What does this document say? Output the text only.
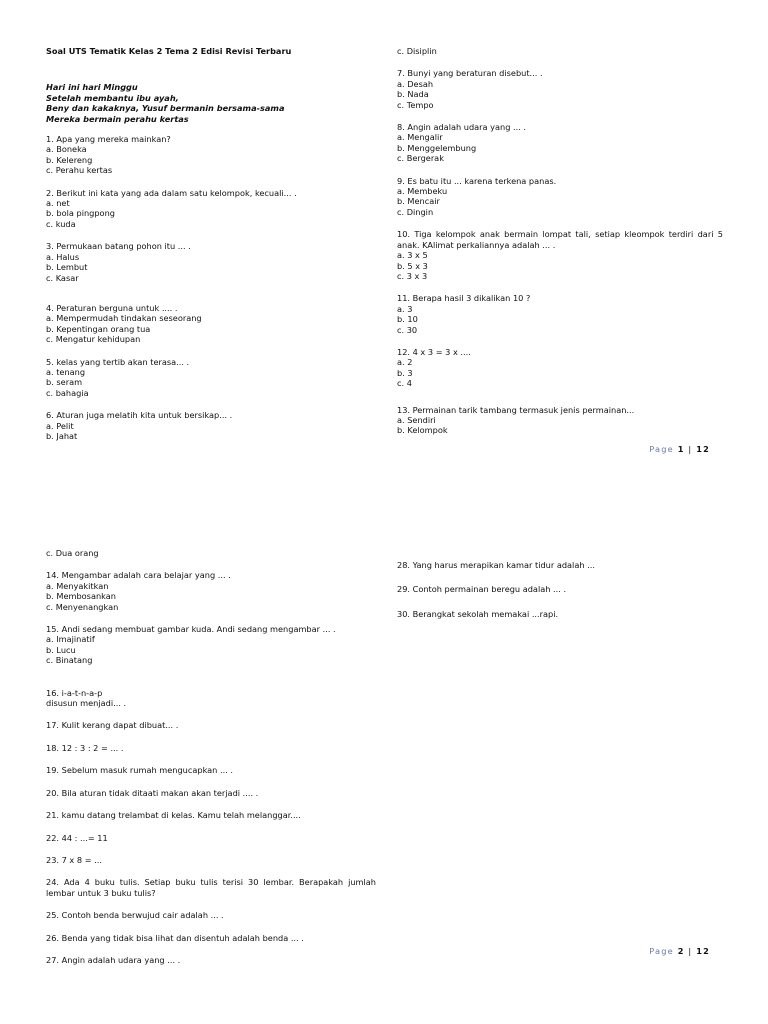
Soal UTS Tematik Kelas 2 Tema 2 Edisi Revisi Terbaru
Hari ini hari Minggu
Setelah membantu ibu ayah,
Beny dan kakaknya, Yusuf bermanin bersama-sama
Mereka bermain perahu kertas
1. Apa yang mereka mainkan?
a. Boneka
b. Kelereng
c. Perahu kertas
2. Berikut ini kata yang ada dalam satu kelompok, kecuali... .
a. net
b. bola pingpong
c. kuda
3. Permukaan batang pohon itu ... .
a. Halus
b. Lembut
c. Kasar
4. Peraturan berguna untuk .... .
a. Mempermudah tindakan seseorang
b. Kepentingan orang tua
c. Mengatur kehidupan
5. kelas yang tertib akan terasa... .
a. tenang
b. seram
c. bahagia
6. Aturan juga melatih kita untuk bersikap... .
a. Pelit
b. Jahat
c. Disiplin
7. Bunyi yang beraturan disebut... .
a. Desah
b. Nada
c. Tempo
8. Angin adalah udara yang ... .
a. Mengalir
b. Menggelembung
c. Bergerak
9. Es batu itu ... karena terkena panas.
a. Membeku
b. Mencair
c. Dingin
10. Tiga kelompok anak bermain lompat tali, setiap kleompok terdiri dari 5 anak. KAlimat perkaliannya adalah ... .
a. 3 x 5
b. 5 x 3
c. 3 x 3
11. Berapa hasil 3 dikalikan 10 ?
a. 3
b. 10
c. 30
12. 4 x 3 = 3 x ....
a. 2
b. 3
c. 4
13. Permainan tarik tambang termasuk jenis permainan...
a. Sendiri
b. Kelompok
Page 1 | 12
c. Dua orang
14. Mengambar adalah cara belajar yang ... .
a. Menyakitkan
b. Membosankan
c. Menyenangkan
15. Andi sedang membuat gambar kuda. Andi sedang mengambar ... .
a. Imajinatif
b. Lucu
c. Binatang
16. i-a-t-n-a-p
disusun menjadi... .
17. Kulit kerang dapat dibuat... .
18. 12 : 3 : 2 = ... .
19. Sebelum masuk rumah mengucapkan ... .
20. Bila aturan tidak ditaati makan akan terjadi .... .
21. kamu datang trelambat di kelas. Kamu telah melanggar....
22. 44 : ...= 11
23. 7 x 8 = ...
24. Ada 4 buku tulis. Setiap buku tulis terisi 30 lembar. Berapakah jumlah lembar untuk 3 buku tulis?
25. Contoh benda berwujud cair adalah ... .
26. Benda yang tidak bisa lihat dan disentuh adalah benda ... .
27. Angin adalah udara yang ... .
28. Yang harus merapikan kamar tidur adalah ...
29. Contoh permainan beregu adalah ... .
30. Berangkat sekolah memakai ...rapi.
Page 2 | 12
